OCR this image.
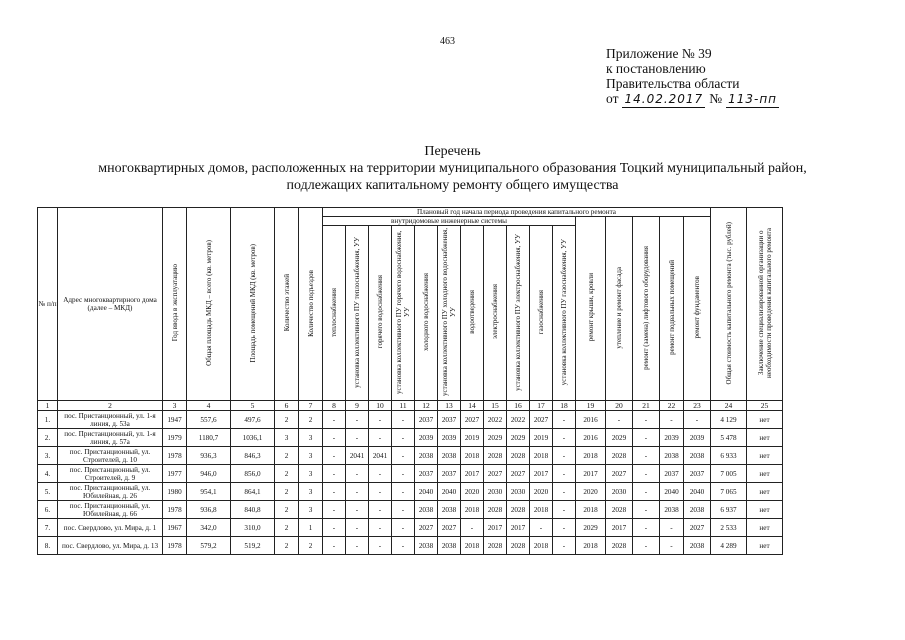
463
Приложение № 39
к постановлению
Правительства области
от 14.02.2017 № 113-пп
Перечень
многоквартирных домов, расположенных на территории муниципального образования Тоцкий муниципальный район,
подлежащих капитальному ремонту общего имущества
№ п/п	Адрес многоквартирного дома (далее – МКД)	Год ввода в эксплуатацию	Общая площадь МКД – всего (кв. метров)	Площадь помещений МКД (кв. метров)	Количество этажей	Количество подъездов	Плановый год начала периода проведения капитального ремонта																Общая стоимость капитального ремонта (тыс. рублей)	Заключение специализированной организации о необходимости проведения капитального ремонта
							внутридомовые инженерные системы											ремонт крыши, кровли	утепление и ремонт фасада	ремонт (замена) лифтового оборудования	ремонт подвальных помещений	ремонт фундаментов		
							теплоснабжения	установка коллективного ПУ теплоснабжения, УУ	горячего водоснабжения	установка коллективного ПУ горячего водоснабжения, УУ	холодного водоснабжения	установка коллективного ПУ холодного водоснабжения, УУ	водоотведения	электроснабжения	установка коллективного ПУ электроснабжения, УУ	газоснабжения	установка коллективного ПУ газоснабжения, УУ							
1	2	3	4	5	6	7	8	9	10	11	12	13	14	15	16	17	18	19	20	21	22	23	24	25
1.	пос. Пристанционный, ул. 1-я линия, д. 53а	1947	557,6	497,6	2	2	-	-	-	-	2037	2037	2027	2022	2022	2027	-	2016	-	-	-	-	4 129	нет
2.	пос. Пристанционный, ул. 1-я линия, д. 57а	1979	1180,7	1036,1	3	3	-	-	-	-	2039	2039	2019	2029	2029	2019	-	2016	2029	-	2039	2039	5 478	нет
3.	пос. Пристанционный, ул. Строителей, д. 10	1978	936,3	846,3	2	3	-	2041	2041	-	2038	2038	2018	2028	2028	2018	-	2018	2028	-	2038	2038	6 933	нет
4.	пос. Пристанционный, ул. Строителей, д. 9	1977	946,0	856,0	2	3	-	-	-	-	2037	2037	2017	2027	2027	2017	-	2017	2027	-	2037	2037	7 005	нет
5.	пос. Пристанционный, ул. Юбилейная, д. 26	1980	954,1	864,1	2	3	-	-	-	-	2040	2040	2020	2030	2030	2020	-	2020	2030	-	2040	2040	7 065	нет
6.	пос. Пристанционный, ул. Юбилейная, д. 66	1978	936,8	840,8	2	3	-	-	-	-	2038	2038	2018	2028	2028	2018	-	2018	2028	-	2038	2038	6 937	нет
7.	пос. Свердлово, ул. Мира, д. 1	1967	342,0	310,0	2	1	-	-	-	-	2027	2027	-	2017	2017	-	-	2029	2017	-	-	2027	2 533	нет
8.	пос. Свердлово, ул. Мира, д. 13	1978	579,2	519,2	2	2	-	-	-	-	2038	2038	2018	2028	2028	2018	-	2018	2028	-	-	2038	4 289	нет
